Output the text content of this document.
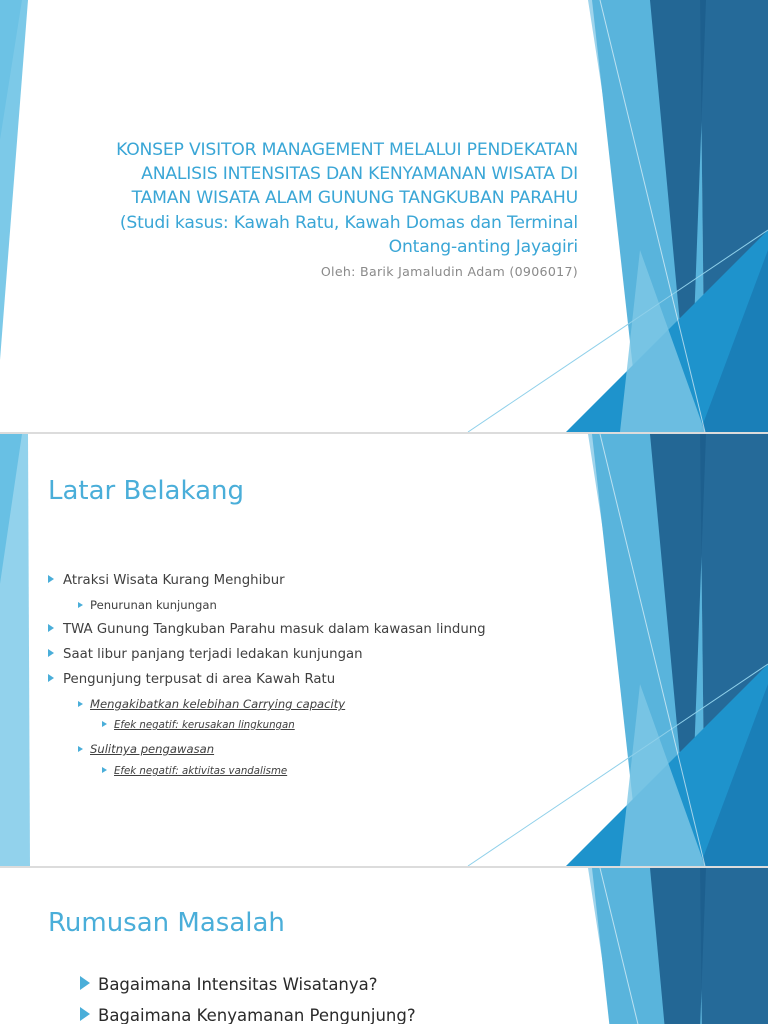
KONSEP VISITOR MANAGEMENT MELALUI PENDEKATAN
ANALISIS INTENSITAS DAN KENYAMANAN WISATA DI
TAMAN WISATA ALAM GUNUNG TANGKUBAN PARAHU
(Studi kasus: Kawah Ratu, Kawah Domas dan Terminal
Ontang-anting Jayagiri
Oleh: Barik Jamaludin Adam (0906017)
Latar Belakang
Atraksi Wisata Kurang Menghibur
Penurunan kunjungan
TWA Gunung Tangkuban Parahu masuk dalam kawasan lindung
Saat libur panjang terjadi ledakan kunjungan
Pengunjung terpusat di area Kawah Ratu
Mengakibatkan kelebihan Carrying capacity
Efek negatif: kerusakan lingkungan
Sulitnya pengawasan
Efek negatif: aktivitas vandalisme
Rumusan Masalah
Bagaimana Intensitas Wisatanya?
Bagaimana Kenyamanan Pengunjung?
